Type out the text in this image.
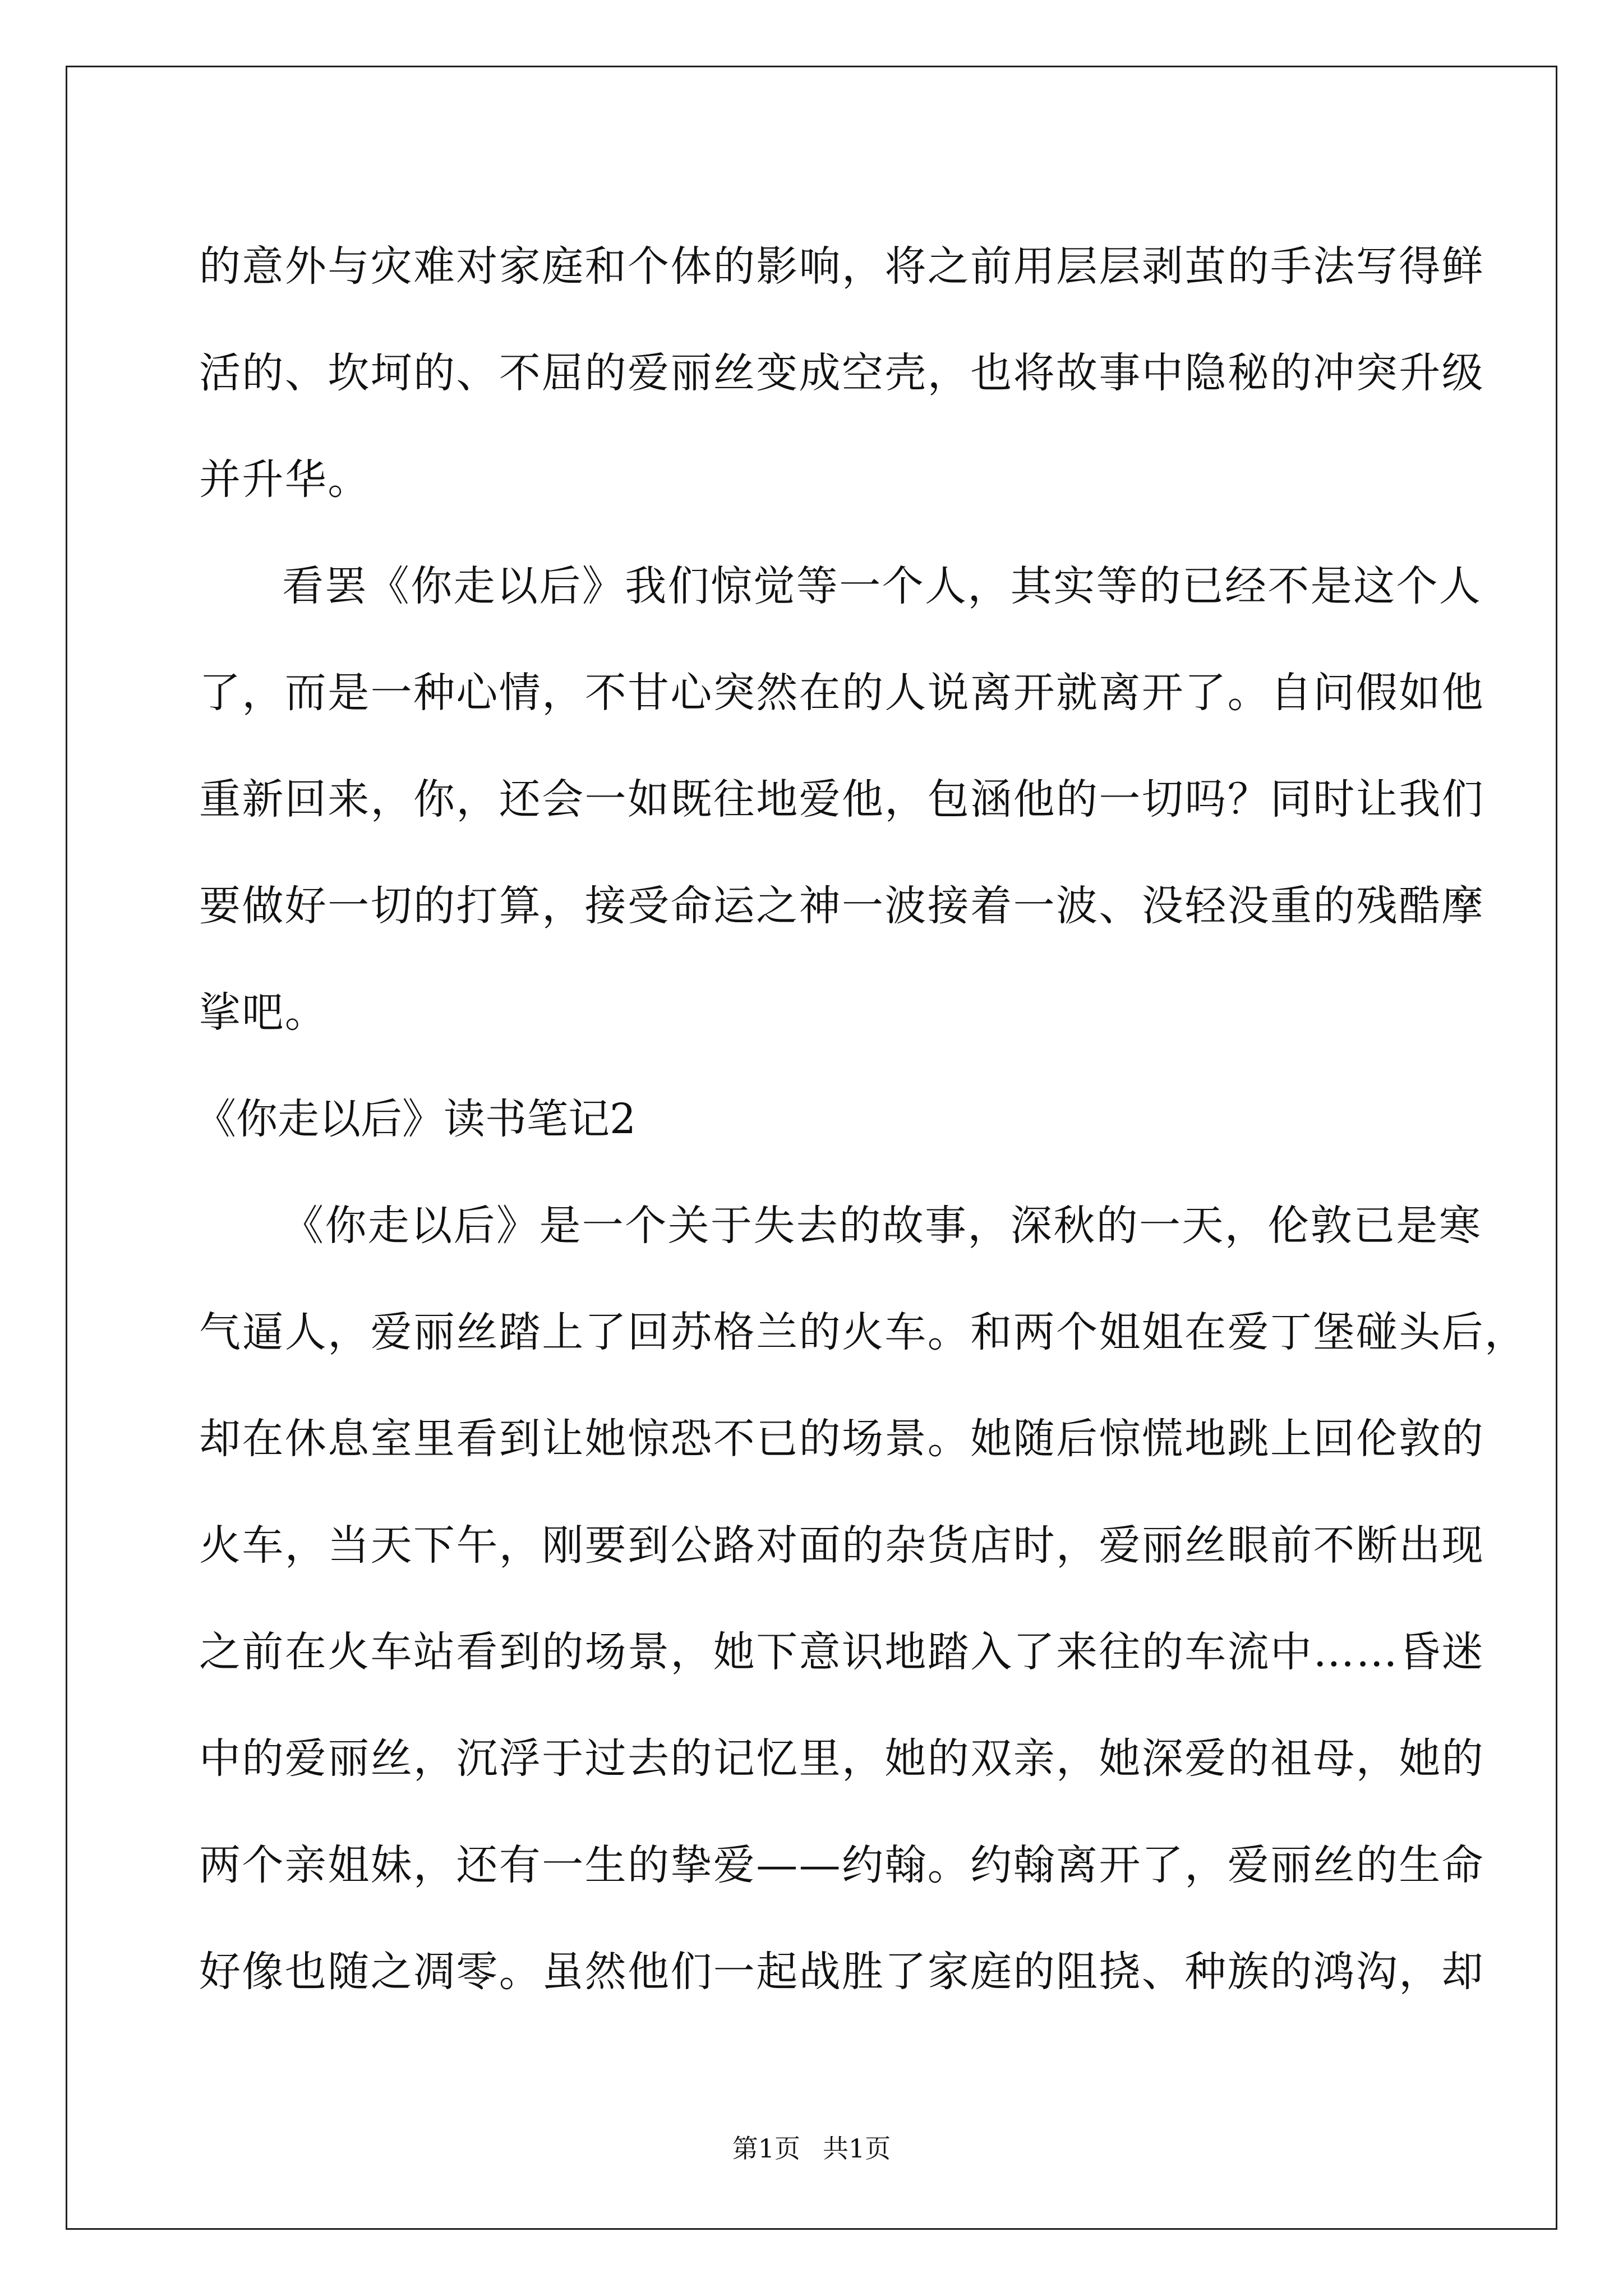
的意外与灾难对家庭和个体的影响，将之前用层层剥茧的手法写得鲜
活的、坎坷的、不屈的爱丽丝变成空壳，也将故事中隐秘的冲突升级
并升华。
看罢《你走以后》我们惊觉等一个人，其实等的已经不是这个人
了，而是一种心情，不甘心突然在的人说离开就离开了。自问假如他
重新回来，你，还会一如既往地爱他，包涵他的一切吗？同时让我们
要做好一切的打算，接受命运之神一波接着一波、没轻没重的残酷摩
挲吧。
《你走以后》读书笔记2
《你走以后》是一个关于失去的故事，深秋的一天，伦敦已是寒
气逼人，爱丽丝踏上了回苏格兰的火车。和两个姐姐在爱丁堡碰头后，
却在休息室里看到让她惊恐不已的场景。她随后惊慌地跳上回伦敦的
火车，当天下午，刚要到公路对面的杂货店时，爱丽丝眼前不断出现
之前在火车站看到的场景，她下意识地踏入了来往的车流中……昏迷
中的爱丽丝，沉浮于过去的记忆里，她的双亲，她深爱的祖母，她的
两个亲姐妹，还有一生的挚爱——约翰。约翰离开了，爱丽丝的生命
好像也随之凋零。虽然他们一起战胜了家庭的阻挠、种族的鸿沟，却
第1页 共1页
